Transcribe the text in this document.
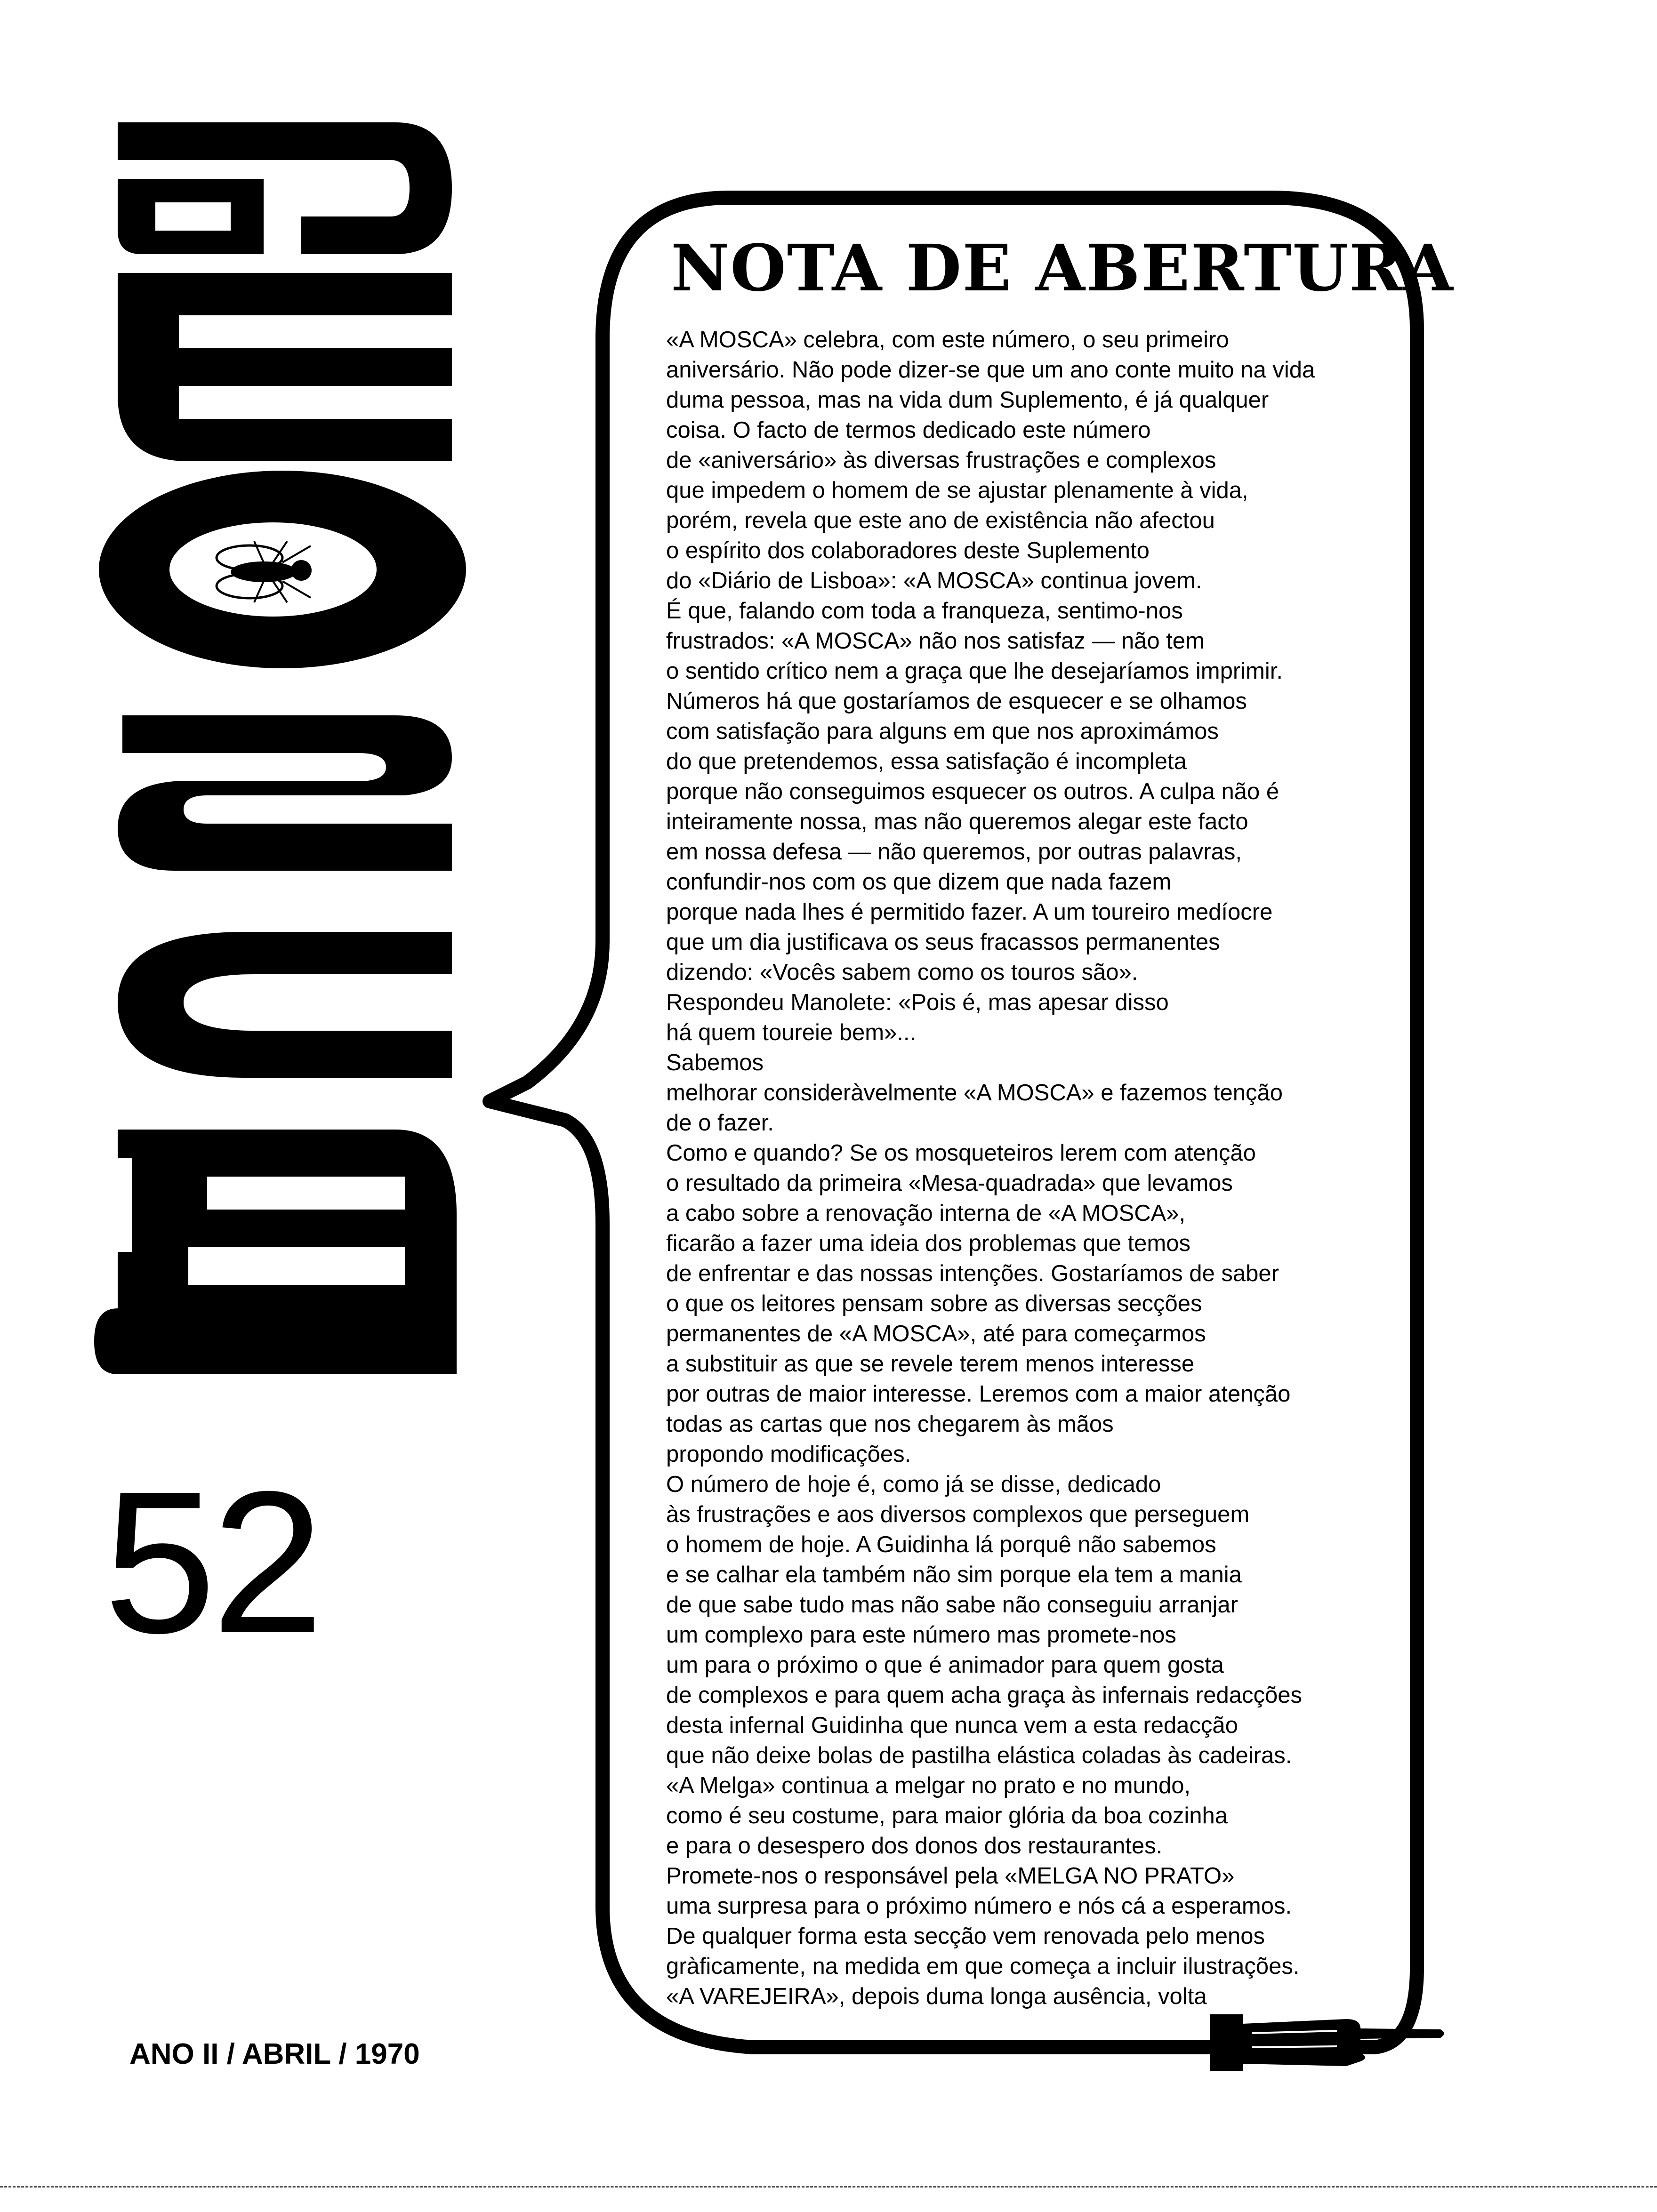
52
ANO II / ABRIL / 1970
NOTA DE ABERTURA
«A MOSCA» celebra, com este número, o seu primeiro
aniversário. Não pode dizer-se que um ano conte muito na vida
duma pessoa, mas na vida dum Suplemento, é já qualquer
coisa. O facto de termos dedicado este número
de «aniversário» às diversas frustrações e complexos
que impedem o homem de se ajustar plenamente à vida,
porém, revela que este ano de existência não afectou
o espírito dos colaboradores deste Suplemento
do «Diário de Lisboa»: «A MOSCA» continua jovem.
É que, falando com toda a franqueza, sentimo-nos
frustrados: «A MOSCA» não nos satisfaz — não tem
o sentido crítico nem a graça que lhe desejaríamos imprimir.
Números há que gostaríamos de esquecer e se olhamos
com satisfação para alguns em que nos aproximámos
do que pretendemos, essa satisfação é incompleta
porque não conseguimos esquecer os outros. A culpa não é
inteiramente nossa, mas não queremos alegar este facto
em nossa defesa — não queremos, por outras palavras,
confundir-nos com os que dizem que nada fazem
porque nada lhes é permitido fazer. A um toureiro medíocre
que um dia justificava os seus fracassos permanentes
dizendo: «Vocês sabem como os touros são».
Respondeu Manolete: «Pois é, mas apesar disso
há quem toureie bem»...
Sabemos
melhorar consideràvelmente «A MOSCA» e fazemos tenção
de o fazer.
Como e quando? Se os mosqueteiros lerem com atenção
o resultado da primeira «Mesa-quadrada» que levamos
a cabo sobre a renovação interna de «A MOSCA»,
ficarão a fazer uma ideia dos problemas que temos
de enfrentar e das nossas intenções. Gostaríamos de saber
o que os leitores pensam sobre as diversas secções
permanentes de «A MOSCA», até para começarmos
a substituir as que se revele terem menos interesse
por outras de maior interesse. Leremos com a maior atenção
todas as cartas que nos chegarem às mãos
propondo modificações.
O número de hoje é, como já se disse, dedicado
às frustrações e aos diversos complexos que perseguem
o homem de hoje. A Guidinha lá porquê não sabemos
e se calhar ela também não sim porque ela tem a mania
de que sabe tudo mas não sabe não conseguiu arranjar
um complexo para este número mas promete-nos
um para o próximo o que é animador para quem gosta
de complexos e para quem acha graça às infernais redacções
desta infernal Guidinha que nunca vem a esta redacção
que não deixe bolas de pastilha elástica coladas às cadeiras.
«A Melga» continua a melgar no prato e no mundo,
como é seu costume, para maior glória da boa cozinha
e para o desespero dos donos dos restaurantes.
Promete-nos o responsável pela «MELGA NO PRATO»
uma surpresa para o próximo número e nós cá a esperamos.
De qualquer forma esta secção vem renovada pelo menos
gràficamente, na medida em que começa a incluir ilustrações.
«A VAREJEIRA», depois duma longa ausência, volta
